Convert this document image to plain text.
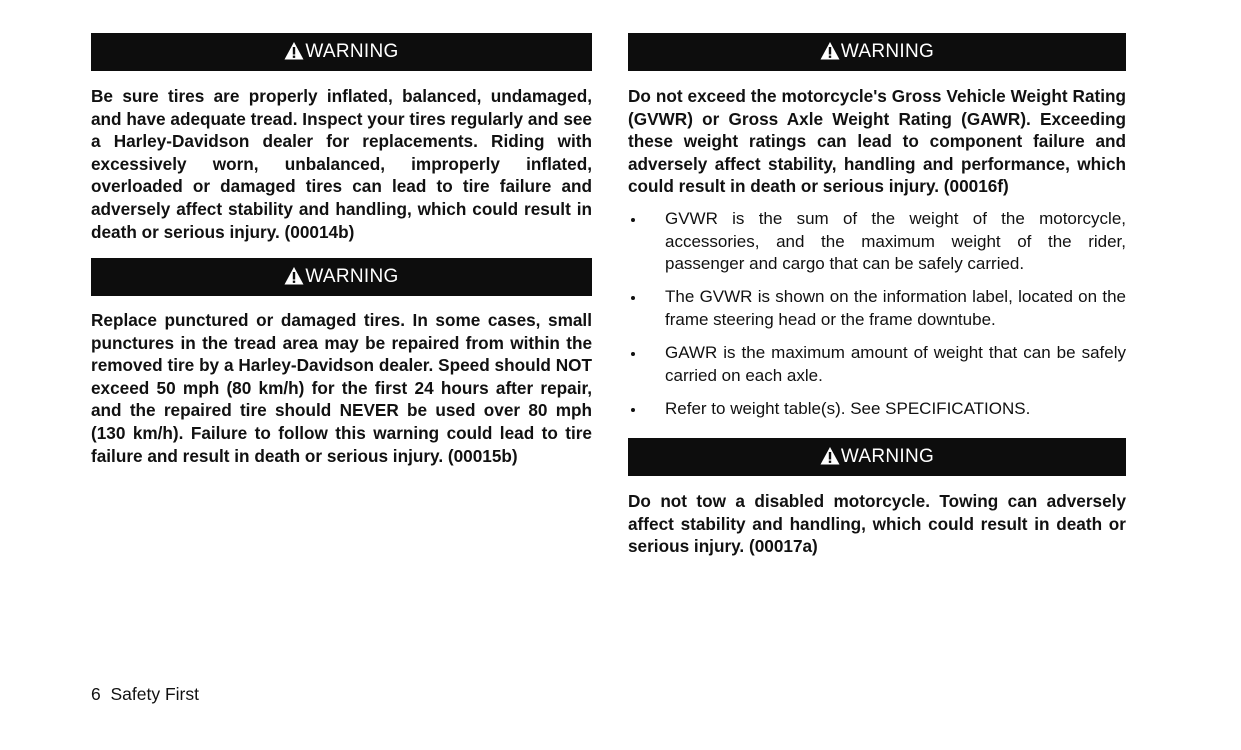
WARNING

Be sure tires are properly inflated, balanced, undamaged, and have adequate tread. Inspect your tires regularly and see a Harley-Davidson dealer for replacements. Riding with excessively worn, unbalanced, improperly inflated, overloaded or damaged tires can lead to tire failure and adversely affect stability and handling, which could result in death or serious injury. (00014b)

WARNING

Replace punctured or damaged tires. In some cases, small punctures in the tread area may be repaired from within the removed tire by a Harley-Davidson dealer. Speed should NOT exceed 50 mph (80 km/h) for the first 24 hours after repair, and the repaired tire should NEVER be used over 80 mph (130 km/h). Failure to follow this warning could lead to tire failure and result in death or serious injury. (00015b)

WARNING

Do not exceed the motorcycle's Gross Vehicle Weight Rating (GVWR) or Gross Axle Weight Rating (GAWR). Exceeding these weight ratings can lead to component failure and adversely affect stability, handling and performance, which could result in death or serious injury. (00016f)

GVWR is the sum of the weight of the motorcycle, accessories, and the maximum weight of the rider, passenger and cargo that can be safely carried.
The GVWR is shown on the information label, located on the frame steering head or the frame downtube.
GAWR is the maximum amount of weight that can be safely carried on each axle.
Refer to weight table(s). See SPECIFICATIONS.
WARNING

Do not tow a disabled motorcycle. Towing can adversely affect stability and handling, which could result in death or serious injury. (00017a)

6 Safety First
